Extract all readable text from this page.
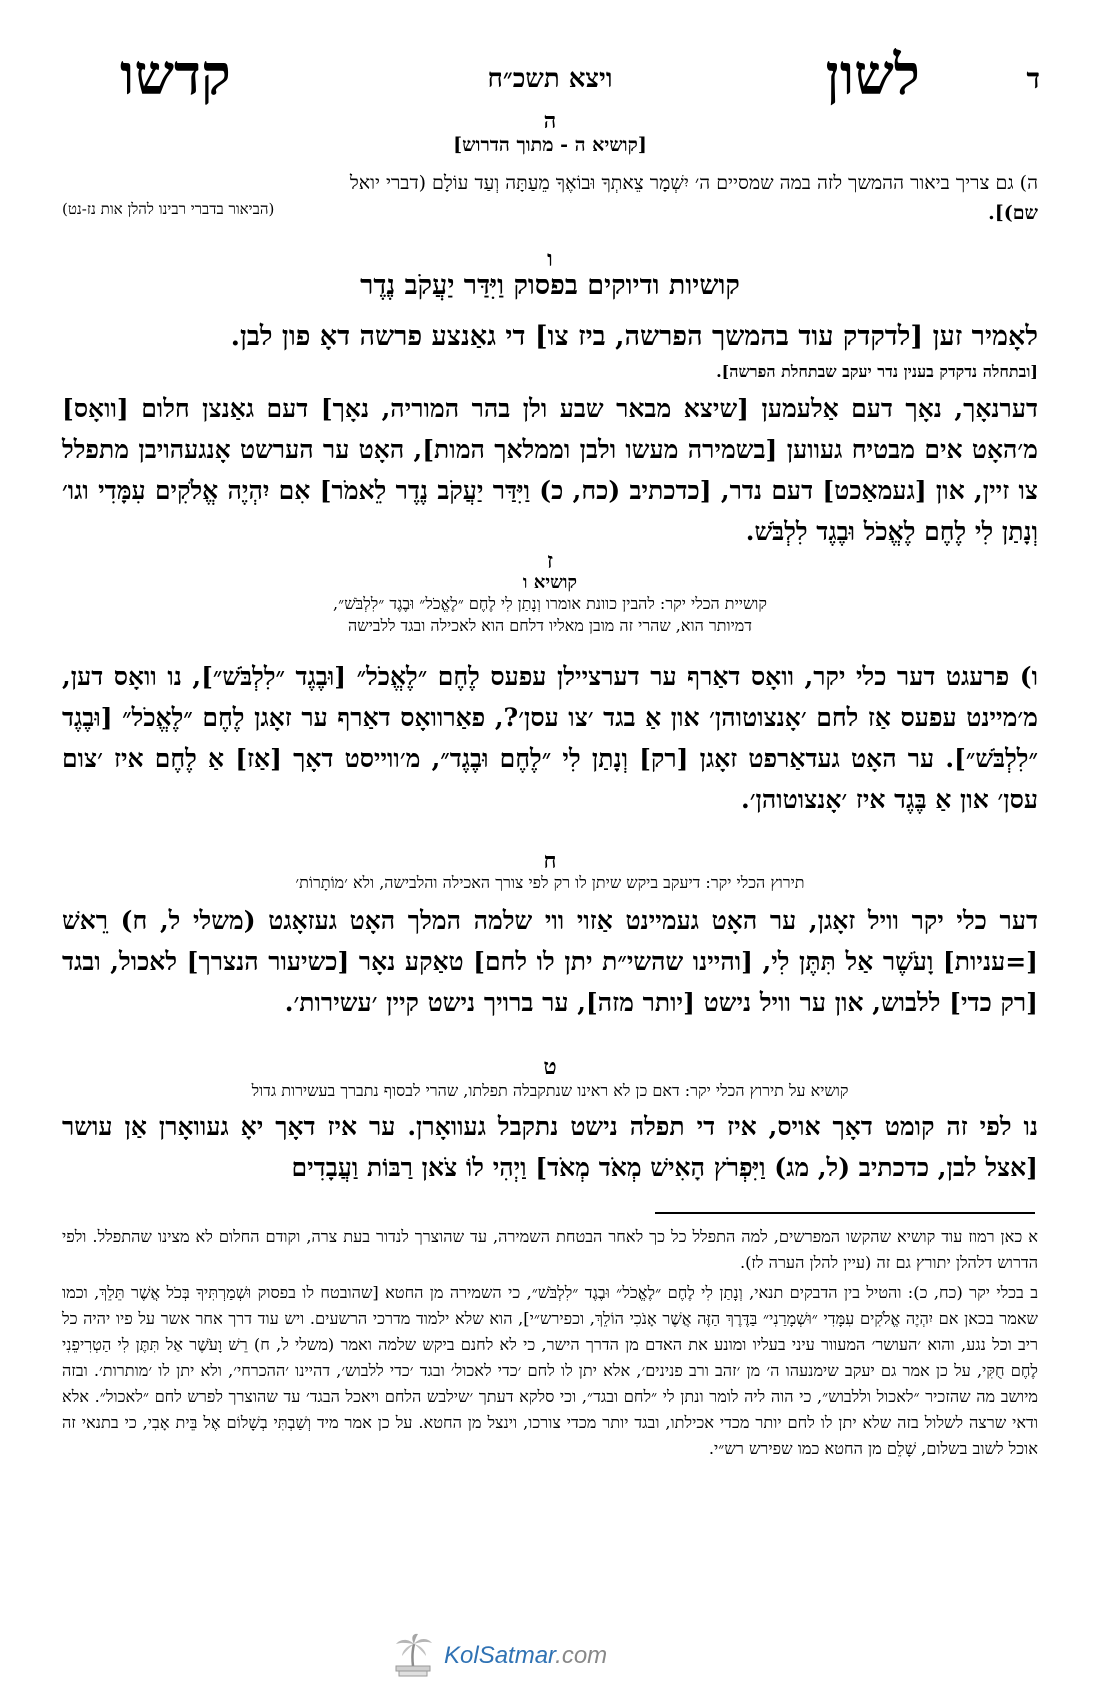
ד
לשון
ויצא תשכ״ח
קדשו
ה
[קושיא ה - מתוך הדרוש]
ה) גם צריך ביאור ההמשך לזה במה שמסיים ה׳ יִשְׁמָר צֵאתְךָ וּבוֹאֶךָ מֵעַתָּה וְעַד עוֹלָם (דברי יואל
שם)].
(הביאור בדברי רבינו להלן אות נז-נט)
ו
קושיות ודיוקים בפסוק וַיִּדַּר יַעֲקֹב נֶדֶר
לאָמיר זען [לדקדק עוד בהמשך הפרשה, ביז צו] די גאַנצע פרשה דאָ פון לבן.
[ובתחלה נדקדק בענין נדר יעקב שבתחלת הפרשה].
דערנאָך, נאָך דעם אַלעמען [שיצא מבאר שבע ולן בהר המוריה, נאָך] דעם גאַנצן חלום [וואָס] מ׳האָט אים מבטיח געווען [בשמירה מעשו ולבן וממלאך המות], האָט ער הערשט אָנגעהויבן מתפלל צו זיין, און [געמאַכט] דעם נדר, [כדכתיב (כח, כ) וַיִּדַּר יַעֲקֹב נֶדֶר לֵאמֹר] אִם יִהְיֶה אֱלֹקִים עִמָּדִי וגו׳ וְנָתַן לִי לֶחֶם לֶאֱכֹל וּבֶגֶד לִלְבֹּשׁ.
ז
קושיא ו
קושיית הכלי יקר: להבין כוונת אומרו וְנָתַן לִי לֶחֶם ״לֶאֱכֹל״ וּבֶגֶד ״לִלְבֹּשׁ״,
דמיותר הוא, שהרי זה מובן מאליו דלחם הוא לאכילה ובגד ללבישה
ו) פרעגט דער כלי יקר, וואָס דאַרף ער דערציילן עפעס לֶחֶם ״לֶאֱכֹל״ [וּבֶגֶד ״לִלְבֹּשׁ״], נו וואָס דען, מ׳מיינט עפעס אַז לחם ׳אָנצוטוהן׳ און אַ בגד ׳צו עסן׳?, פאַרוואָס דאַרף ער זאָגן לֶחֶם ״לֶאֱכֹל״ [וּבֶגֶד ״לִלְבֹּשׁ״]. ער האָט געדאַרפט זאָגן [רק] וְנָתַן לִי ״לֶחֶם וּבֶגֶד״, מ׳ווייסט דאָך [אַז] אַ לֶחֶם איז ׳צום עסן׳ און אַ בֶּגֶד איז ׳אָנצוטוהן׳.
ח
תירוץ הכלי יקר: דיעקב ביקש שיתן לו רק לפי צורך האכילה והלבישה, ולא ׳מוֹתָרוֹת׳
דער כלי יקר וויל זאָגן, ער האָט געמיינט אַזוי ווי שלמה המלך האָט געזאָגט (משלי ל, ח) רֵאשׁ [=עניות] וָעֹשֶׁר אַל תִּתֶּן לִי, [והיינו שהשי״ת יתן לו לחם] טאַקע נאָר [כשיעור הנצרך] לאכול, ובגד [רק כדי] ללבוש, און ער וויל נישט [יותר מזה], ער ברויך נישט קיין ׳עשירות׳.
ט
קושיא על תירוץ הכלי יקר: דאם כן לא ראינו שנתקבלה תפלתו, שהרי לבסוף נתברך בעשירות גדול
נו לפי זה קומט דאָך אויס, איז די תפלה נישט נתקבל געוואָרן. ער איז דאָך יאָ געוואָרן אַן עושר [אצל לבן, כדכתיב (ל, מג) וַיִּפְרֹץ הָאִישׁ מְאֹד מְאֹד] וַיְהִי לוֹ צֹאן רַבּוֹת וַעֲבָדִים
א כאן רמוז עוד קושיא שהקשו המפרשים, למה התפלל כל כך לאחר הבטחת השמירה, עד שהוצרך לנדור בעת צרה, וקודם החלום לא מצינו שהתפלל. ולפי הדרוש דלהלן יתורץ גם זה (עיין להלן הערה לז).
ב בכלי יקר (כח, כ): והטיל בין הדבקים תנאי, וְנָתַן לִי לֶחֶם ״לֶאֱכֹל״ וּבֶגֶד ״לִלְבֹּשׁ״, כי השמירה מן החטא [שהובטח לו בפסוק וּשְׁמַרְתִּיךָ בְּכֹל אֲשֶׁר תֵּלֵךְ, וכמו שאמר בכאן אם יִהְיֶה אֱלֹקִים עִמָּדִי ״וּשְׁמָרַנִי״ בַּדֶּרֶךְ הַזֶּה אֲשֶׁר אָנֹכִי הוֹלֵךְ, וכפירש״י], הוא שלא ילמוד מדרכי הרשעים. ויש עוד דרך אחר אשר על פיו יהיה כל ריב וכל נגע, והוא ׳העושר׳ המעוור עיני בעליו ומונע את האדם מן הדרך הישר, כי לא לחנם ביקש שלמה ואמר (משלי ל, ח) רֵשׁ וָעֹשֶׁר אַל תִּתֶּן לִי הַטְרִיפֵנִי לֶחֶם חֻקִּי, על כן אמר גם יעקב שימנעהו ה׳ מן ׳זהב ורב פנינים׳, אלא יתן לו לחם ׳כדי לאכול׳ ובגד ׳כדי ללבוש׳, דהיינו ׳ההכרחי׳, ולא יתן לו ׳מותרות׳. ובזה מיושב מה שהזכיר ״לאכול וללבוש״, כי הוה ליה לומר ונתן לי ״לחם ובגד״, וכי סלקא דעתך ׳שילבש הלחם ויאכל הבגד׳ עד שהוצרך לפרש לחם ״לאכול״. אלא ודאי שרצה לשלול בזה שלא יתן לו לחם יותר מכדי אכילתו, ובגד יותר מכדי צורכו, וינצל מן החטא. על כן אמר מיד וְשַׁבְתִּי בְשָׁלוֹם אֶל בֵּית אָבִי, כי בתנאי זה אוכל לשוב בשלום, שָׁלֵם מן החטא כמו שפירש רש״י.
KolSatmar.com
